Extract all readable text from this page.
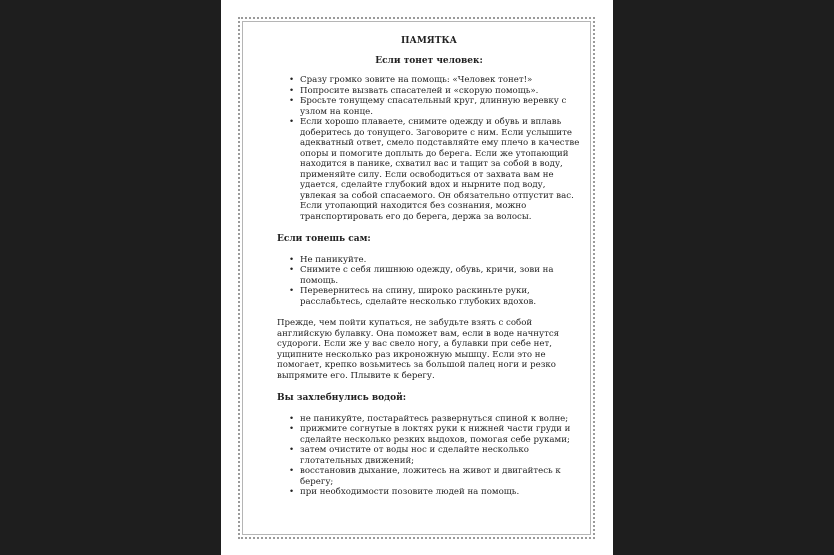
ПАМЯТКА
Если тонет человек:
• Сразу громко зовите на помощь: «Человек тонет!»
• Попросите вызвать спасателей и «скорую помощь».
• Бросьте тонущему спасательный круг, длинную веревку с узлом на конце.
• Если хорошо плаваете, снимите одежду и обувь и вплавь доберитесь до тонущего. Заговорите с ним. Если услышите адекватный ответ, смело подставляйте ему плечо в качестве опоры и помогите доплыть до берега. Если же утопающий находится в панике, схватил вас и тащит за собой в воду, применяйте силу. Если освободиться от захвата вам не удается, сделайте глубокий вдох и нырните под воду, увлекая за собой спасаемого. Он обязательно отпустит вас. Если утопающий находится без сознания, можно транспортировать его до берега, держа за волосы.
Если тонешь сам:
• Не паникуйте.
• Снимите с себя лишнюю одежду, обувь, кричи, зови на помощь.
• Перевернитесь на спину, широко раскиньте руки, расслабьтесь, сделайте несколько глубоких вдохов.

Прежде, чем пойти купаться, не забудьте взять с собой английскую булавку. Она поможет вам, если в воде начнутся судороги. Если же у вас свело ногу, а булавки при себе нет, ущипните несколько раз икроножную мышцу. Если это не помогает, крепко возьмитесь за большой палец ноги и резко выпрямите его. Плывите к берегу.

Вы захлебнулись водой:
• не паникуйте, постарайтесь развернуться спиной к волне;
• прижмите согнутые в локтях руки к нижней части груди и сделайте несколько резких выдохов, помогая себе руками;
• затем очистите от воды нос и сделайте несколько глотательных движений;
• восстановив дыхание, ложитесь на живот и двигайтесь к берегу;
• при необходимости позовите людей на помощь.
